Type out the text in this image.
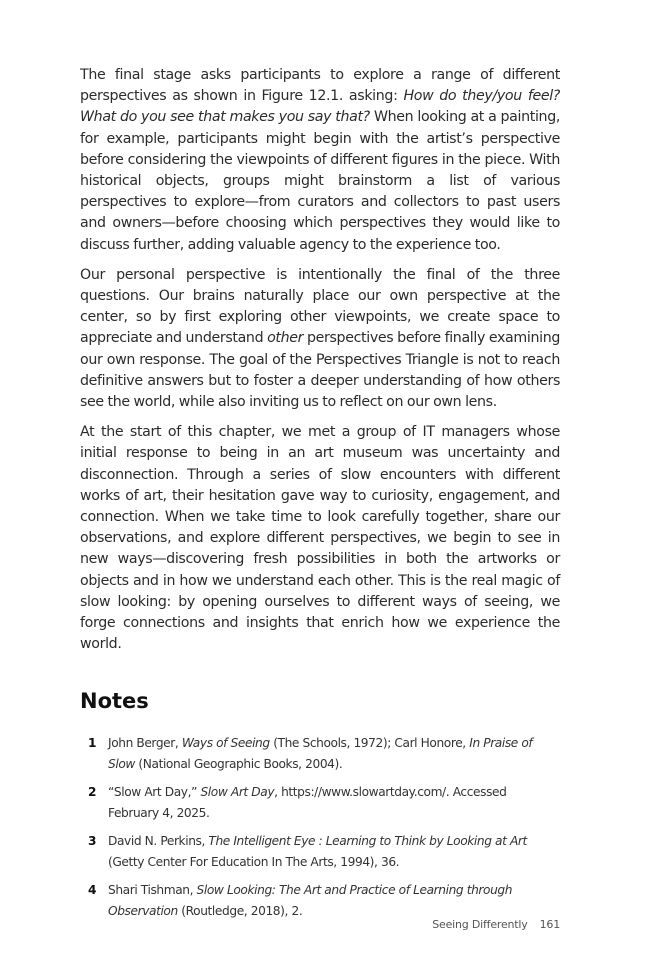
The final stage asks participants to explore a range of different perspectives as shown in Figure 12.1. asking: How do they/you feel? What do you see that makes you say that? When looking at a painting, for example, participants might begin with the artist’s perspective before considering the viewpoints of different figures in the piece. With historical objects, groups might brainstorm a list of various perspectives to explore—from curators and collectors to past users and owners—before choosing which perspectives they would like to discuss further, adding valuable agency to the experience too.

Our personal perspective is intentionally the final of the three questions. Our brains naturally place our own perspective at the center, so by first exploring other viewpoints, we create space to appreciate and understand other perspectives before finally examining our own response. The goal of the Perspectives Triangle is not to reach definitive answers but to foster a deeper understanding of how others see the world, while also inviting us to reflect on our own lens.

At the start of this chapter, we met a group of IT managers whose initial response to being in an art museum was uncertainty and disconnection. Through a series of slow encounters with different works of art, their hesitation gave way to curiosity, engagement, and connection. When we take time to look carefully together, share our observations, and explore different perspectives, we begin to see in new ways—discovering fresh possibilities in both the artworks or objects and in how we understand each other. This is the real magic of slow looking: by opening ourselves to different ways of seeing, we forge connections and insights that enrich how we experience the world.

Notes
1 John Berger, Ways of Seeing (The Schools, 1972); Carl Honore, In Praise of Slow (National Geographic Books, 2004).
2 “Slow Art Day,” Slow Art Day, https://www.slowartday.com/. Accessed February 4, 2025.
3 David N. Perkins, The Intelligent Eye : Learning to Think by Looking at Art (Getty Center For Education In The Arts, 1994), 36.
4 Shari Tishman, Slow Looking: The Art and Practice of Learning through Observation (Routledge, 2018), 2.
Seeing Differently 161
